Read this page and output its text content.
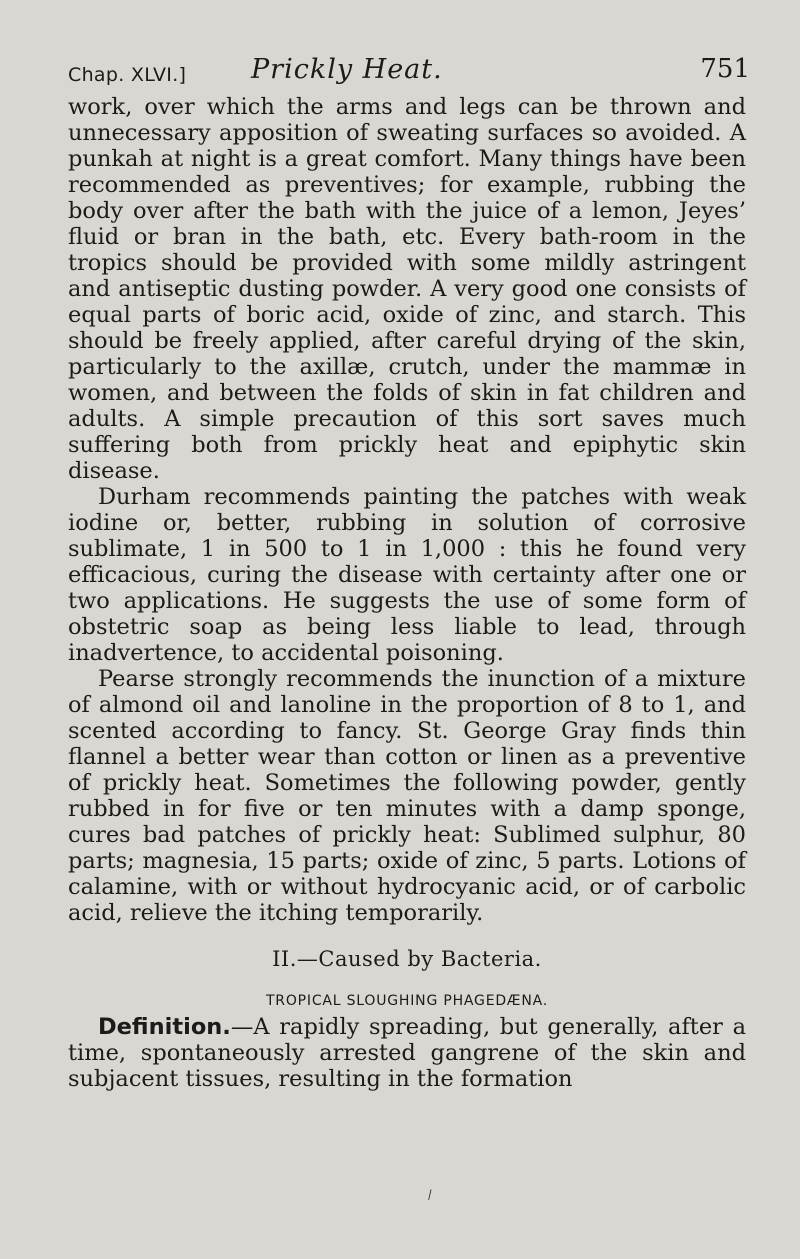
Chap. XLVI.] Prickly Heat.	751

work, over which the arms and legs can be thrown and unnecessary apposition of sweating surfaces so avoided. A punkah at night is a great comfort. Many things have been recommended as preventives; for example, rubbing the body over after the bath with the juice of a lemon, Jeyes’ fluid or bran in the bath, etc. Every bath-room in the tropics should be provided with some mildly astringent and antiseptic dusting powder. A very good one consists of equal parts of boric acid, oxide of zinc, and starch. This should be freely applied, after careful drying of the skin, particularly to the axillæ, crutch, under the mammæ in women, and between the folds of skin in fat children and adults. A simple precaution of this sort saves much suffering both from prickly heat and epiphytic skin disease.

Durham recommends painting the patches with weak iodine or, better, rubbing in solution of corrosive sublimate, 1 in 500 to 1 in 1,000 : this he found very efficacious, curing the disease with certainty after one or two applications. He suggests the use of some form of obstetric soap as being less liable to lead, through inadvertence, to accidental poisoning.

Pearse strongly recommends the inunction of a mixture of almond oil and lanoline in the proportion of 8 to 1, and scented according to fancy. St. George Gray finds thin flannel a better wear than cotton or linen as a preventive of prickly heat. Sometimes the following powder, gently rubbed in for five or ten minutes with a damp sponge, cures bad patches of prickly heat: Sublimed sulphur, 80 parts; magnesia, 15 parts; oxide of zinc, 5 parts. Lotions of calamine, with or without hydrocyanic acid, or of carbolic acid, relieve the itching temporarily.

II.—Caused by Bacteria.
TROPICAL SLOUGHING PHAGEDÆNA.

Definition.—A rapidly spreading, but generally, after a time, spontaneously arrested gangrene of the skin and subjacent tissues, resulting in the formation

⁄
